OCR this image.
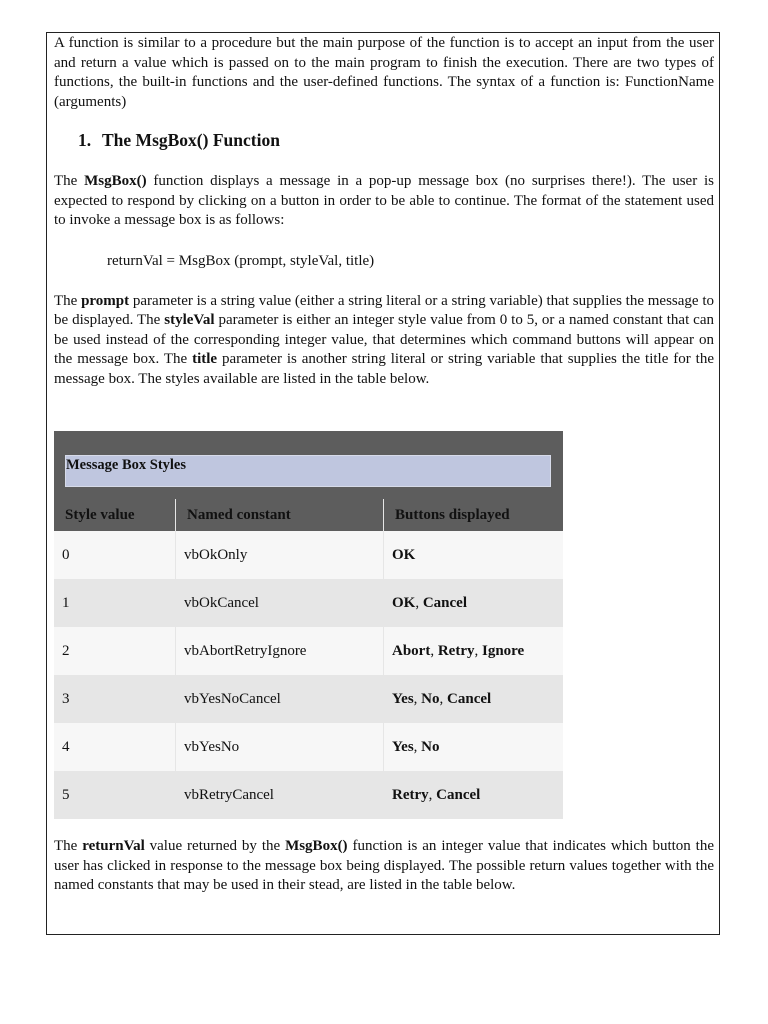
A function is similar to a procedure but the main purpose of the function is to accept an input from the user and return a value which is passed on to the main program to finish the execution. There are two types of functions, the built-in functions and the user-defined functions. The syntax of a function is: FunctionName (arguments)

1. The MsgBox() Function

The MsgBox() function displays a message in a pop-up message box (no surprises there!). The user is expected to respond by clicking on a button in order to be able to continue. The format of the statement used to invoke a message box is as follows:

returnVal = MsgBox (prompt, styleVal, title)

The prompt parameter is a string value (either a string literal or a string variable) that supplies the message to be displayed. The styleVal parameter is either an integer style value from 0 to 5, or a named constant that can be used instead of the corresponding integer value, that determines which command buttons will appear on the message box. The title parameter is another string literal or string variable that supplies the title for the message box. The styles available are listed in the table below.

Message Box Styles
Style value	Named constant	Buttons displayed
0	vbOkOnly	OK
1	vbOkCancel	OK, Cancel
2	vbAbortRetryIgnore	Abort, Retry, Ignore
3	vbYesNoCancel	Yes, No, Cancel
4	vbYesNo	Yes, No
5	vbRetryCancel	Retry, Cancel

The returnVal value returned by the MsgBox() function is an integer value that indicates which button the user has clicked in response to the message box being displayed. The possible return values together with the named constants that may be used in their stead, are listed in the table below.
